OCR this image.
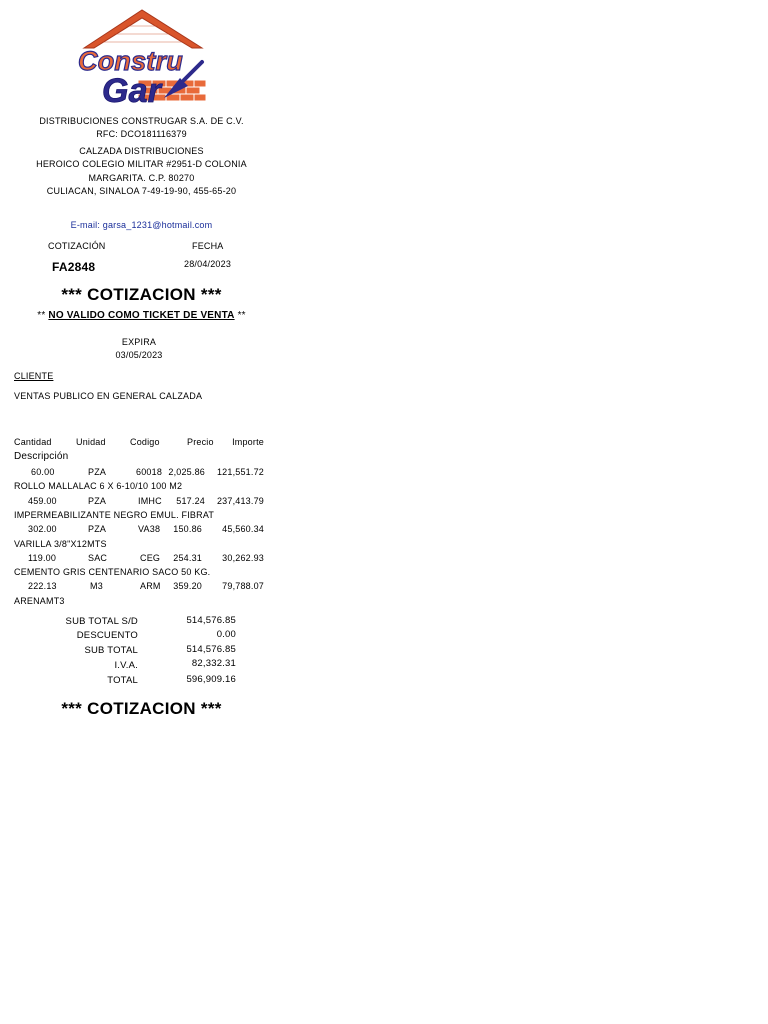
Constru
Gar
DISTRIBUCIONES CONSTRUGAR S.A. DE C.V.
RFC: DCO181116379
CALZADA DISTRIBUCIONES
HEROICO COLEGIO MILITAR #2951-D COLONIA
MARGARITA. C.P. 80270
CULIACAN, SINALOA 7-49-19-90, 455-65-20
E-mail: garsa_1231@hotmail.com
COTIZACIÓN
FA2848
FECHA
28/04/2023
*** COTIZACION ***
** NO VALIDO COMO TICKET DE VENTA **
EXPIRA
03/05/2023
CLIENTE
VENTAS PUBLICO EN GENERAL CALZADA
Cantidad	Unidad	Codigo	Precio Importe
Descripción
60.00	PZA	60018 2,025.86 121,551.72
ROLLO MALLALAC 6 X 6-10/10 100 M2
459.00	PZA	IMHC 517.24 237,413.79
IMPERMEABILIZANTE NEGRO EMUL. FIBRAT
302.00	PZA	VA38 150.86 45,560.34
VARILLA 3/8"X12MTS
119.00	SAC	CEG 254.31 30,262.93
CEMENTO GRIS CENTENARIO SACO 50 KG.
222.13	M3	ARM 359.20 79,788.07
ARENAMT3
SUB TOTAL S/D	514,576.85
DESCUENTO	0.00
SUB TOTAL	514,576.85
I.V.A.	82,332.31
TOTAL	596,909.16
*** COTIZACION ***
